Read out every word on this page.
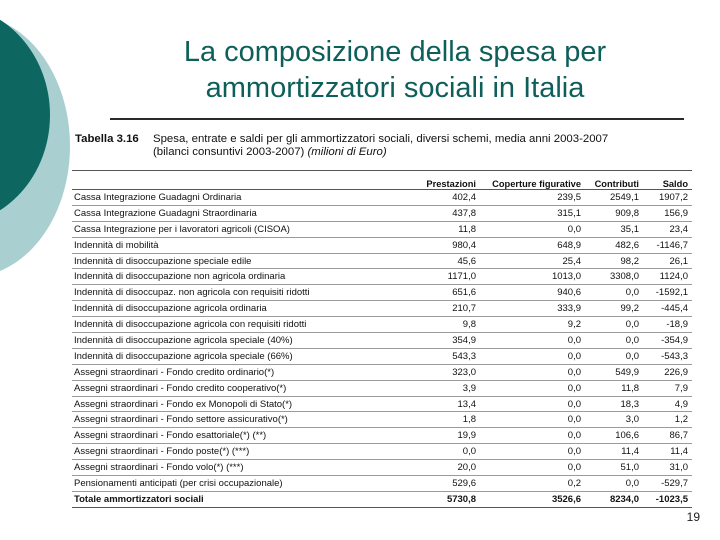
La composizione della spesa per
ammortizzatori sociali in Italia
Tabella 3.16 Spesa, entrate e saldi per gli ammortizzatori sociali, diversi schemi, media anni 2003-2007
(bilanci consuntivi 2003-2007) (milioni di Euro)
	Prestazioni	Coperture figurative	Contributi	Saldo
Cassa Integrazione Guadagni Ordinaria	402,4	239,5	2549,1	1907,2
Cassa Integrazione Guadagni Straordinaria	437,8	315,1	909,8	156,9
Cassa Integrazione per i lavoratori agricoli (CISOA)	11,8	0,0	35,1	23,4
Indennità di mobilità	980,4	648,9	482,6	-1146,7
Indennità di disoccupazione speciale edile	45,6	25,4	98,2	26,1
Indennità di disoccupazione non agricola ordinaria	1171,0	1013,0	3308,0	1124,0
Indennità di disoccupaz. non agricola con requisiti ridotti	651,6	940,6	0,0	-1592,1
Indennità di disoccupazione agricola ordinaria	210,7	333,9	99,2	-445,4
Indennità di disoccupazione agricola con requisiti ridotti	9,8	9,2	0,0	-18,9
Indennità di disoccupazione agricola speciale (40%)	354,9	0,0	0,0	-354,9
Indennità di disoccupazione agricola speciale (66%)	543,3	0,0	0,0	-543,3
Assegni straordinari - Fondo credito ordinario(*)	323,0	0,0	549,9	226,9
Assegni straordinari - Fondo credito cooperativo(*)	3,9	0,0	11,8	7,9
Assegni straordinari - Fondo ex Monopoli di Stato(*)	13,4	0,0	18,3	4,9
Assegni straordinari - Fondo settore assicurativo(*)	1,8	0,0	3,0	1,2
Assegni straordinari - Fondo esattoriale(*) (**)	19,9	0,0	106,6	86,7
Assegni straordinari - Fondo poste(*) (***)	0,0	0,0	11,4	11,4
Assegni straordinari - Fondo volo(*) (***)	20,0	0,0	51,0	31,0
Pensionamenti anticipati (per crisi occupazionale)	529,6	0,2	0,0	-529,7
Totale ammortizzatori sociali	5730,8	3526,6	8234,0	-1023,5
19
